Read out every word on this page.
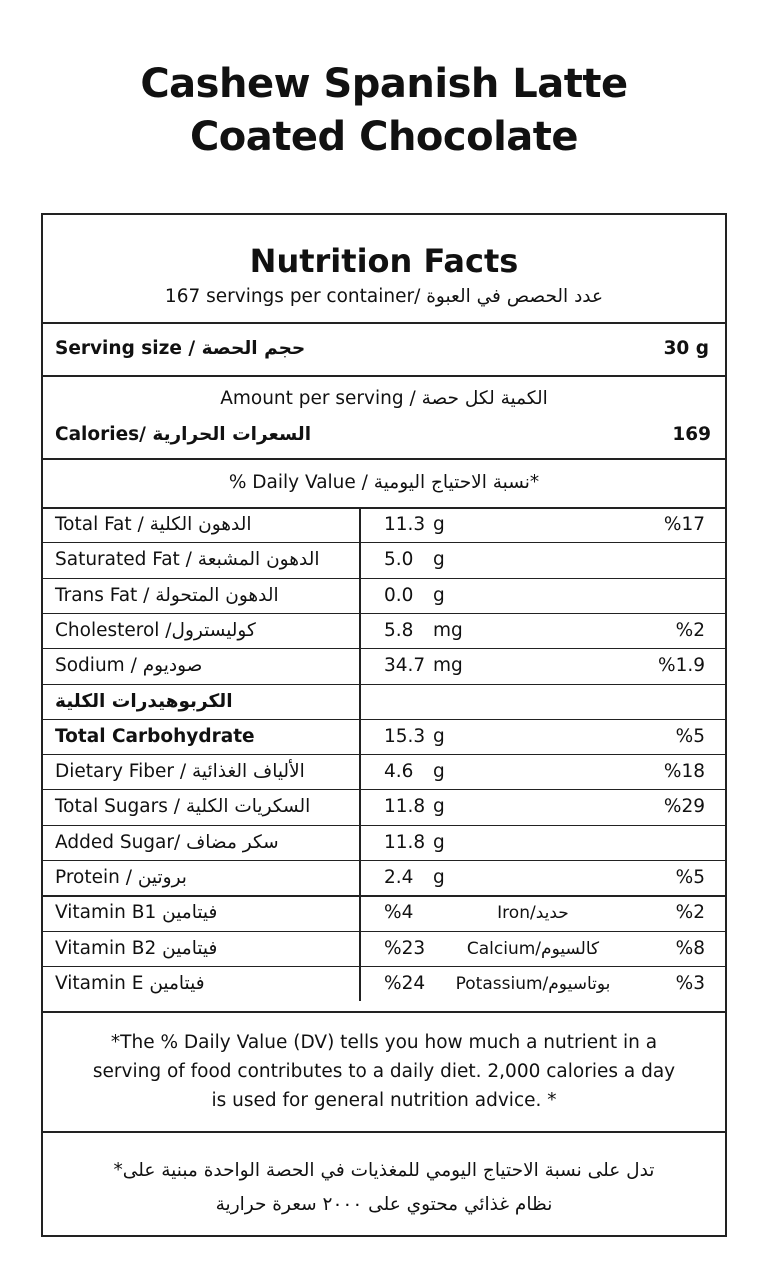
Cashew Spanish Latte
Coated Chocolate
Nutrition Facts
167 servings per container/ عدد الحصص في العبوة
Serving size / حجم الحصة	30 g
Amount per serving / الكمية لكل حصة
Calories/ السعرات الحرارية	169
% Daily Value / نسبة الاحتياج اليومية*
Total Fat / الدهون الكلية	11.3 g	%17
Saturated Fat / الدهون المشبعة	5.0 g
Trans Fat / الدهون المتحولة	0.0 g
Cholesterol /كوليسترول	5.8 mg	%2
Sodium / صوديوم	34.7 mg	%1.9
الكربوهيدرات الكلية
Total Carbohydrate	15.3 g	%5
Dietary Fiber / الألياف الغذائية	4.6 g	%18
Total Sugars / السكريات الكلية	11.8 g	%29
Added Sugar/ سكر مضاف	11.8 g
Protein / بروتين	2.4 g	%5
Vitamin Bفيتامين 1	%4	Iron/حديد	%2
Vitamin Bفيتامين 2	%23	Calcium/كالسيوم	%8
Vitamin E فيتامين	%24	Potassium/بوتاسيوم	%3
*The % Daily Value (DV) tells you how much a nutrient in a
serving of food contributes to a daily diet. 2,000 calories a day
is used for general nutrition advice. *
تدل على نسبة الاحتياج اليومي للمغذيات في الحصة الواحدة مبنية على*
نظام غذائي محتوي على ٢٠٠٠ سعرة حرارية
